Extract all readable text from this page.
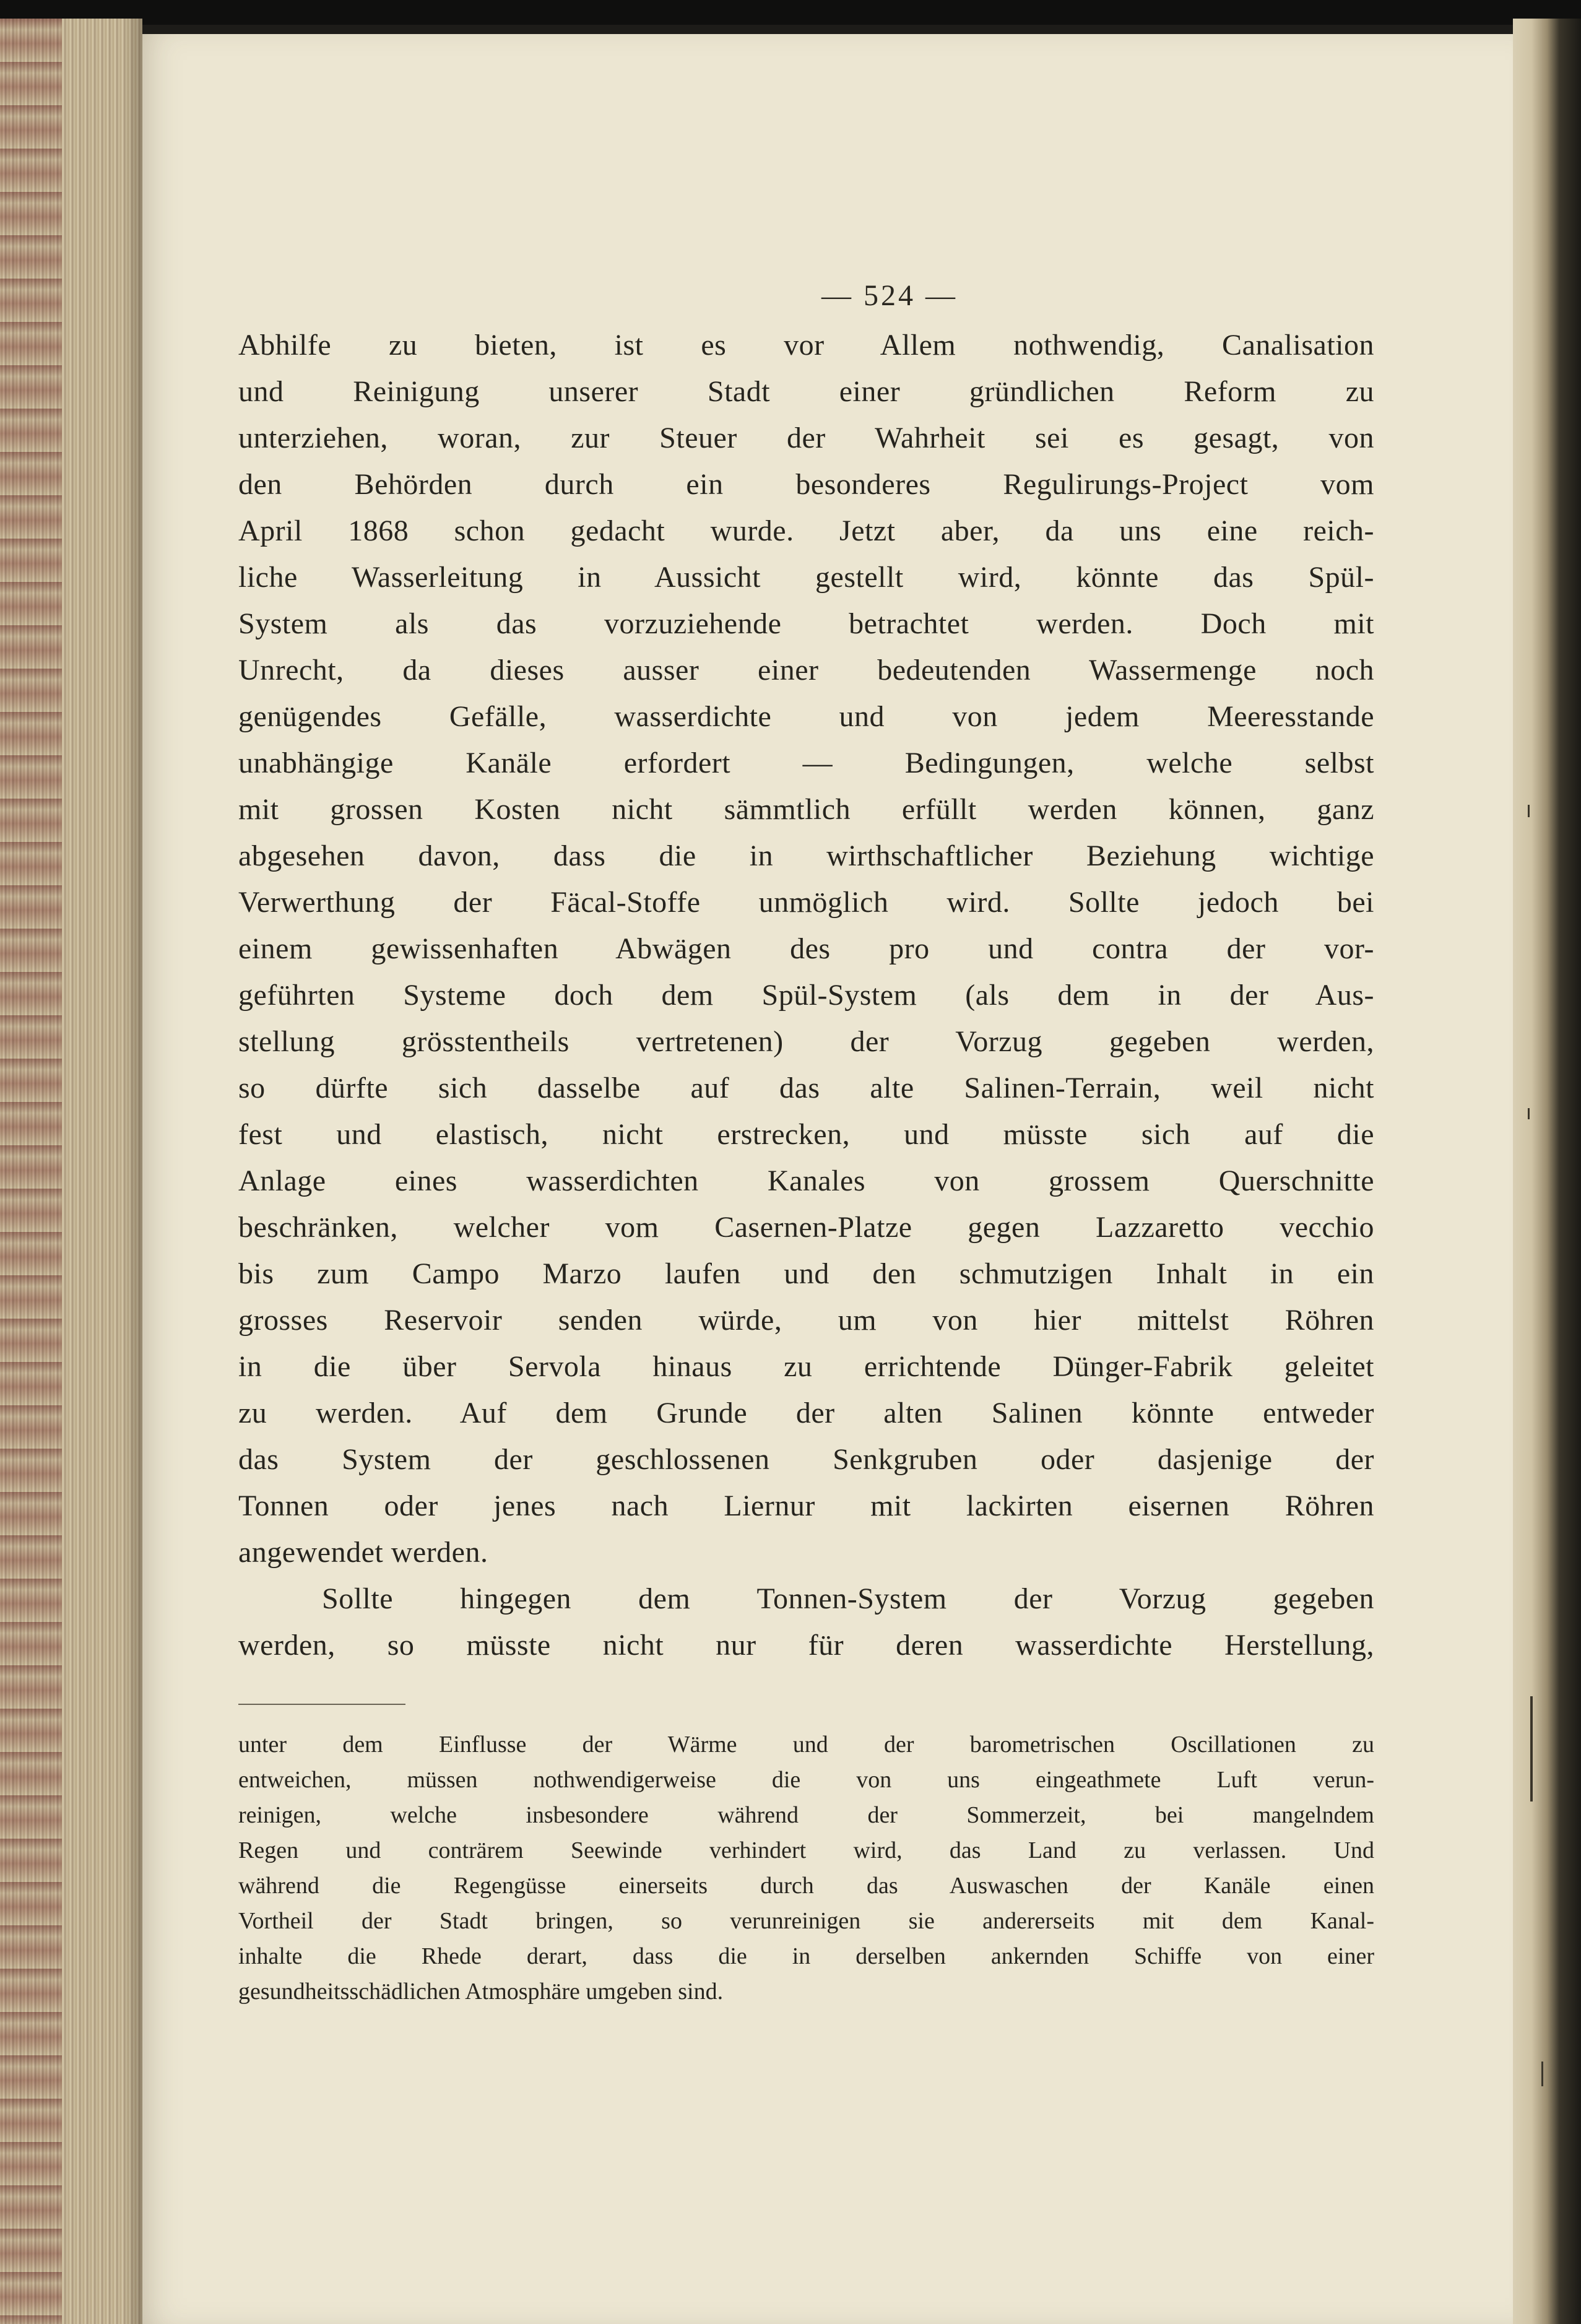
— 524 —
Abhilfe zu bieten, ist es vor Allem nothwendig, Canalisation
und Reinigung unserer Stadt einer gründlichen Reform zu
unterziehen, woran, zur Steuer der Wahrheit sei es gesagt, von
den Behörden durch ein besonderes Regulirungs-Project vom
April 1868 schon gedacht wurde. Jetzt aber, da uns eine reich-
liche Wasserleitung in Aussicht gestellt wird, könnte das Spül-
System als das vorzuziehende betrachtet werden. Doch mit
Unrecht, da dieses ausser einer bedeutenden Wassermenge noch
genügendes Gefälle, wasserdichte und von jedem Meeresstande
unabhängige Kanäle erfordert — Bedingungen, welche selbst
mit grossen Kosten nicht sämmtlich erfüllt werden können, ganz
abgesehen davon, dass die in wirthschaftlicher Beziehung wichtige
Verwerthung der Fäcal-Stoffe unmöglich wird. Sollte jedoch bei
einem gewissenhaften Abwägen des pro und contra der vor-
geführten Systeme doch dem Spül-System (als dem in der Aus-
stellung grösstentheils vertretenen) der Vorzug gegeben werden,
so dürfte sich dasselbe auf das alte Salinen-Terrain, weil nicht
fest und elastisch, nicht erstrecken, und müsste sich auf die
Anlage eines wasserdichten Kanales von grossem Querschnitte
beschränken, welcher vom Casernen-Platze gegen Lazzaretto vecchio
bis zum Campo Marzo laufen und den schmutzigen Inhalt in ein
grosses Reservoir senden würde, um von hier mittelst Röhren
in die über Servola hinaus zu errichtende Dünger-Fabrik geleitet
zu werden. Auf dem Grunde der alten Salinen könnte entweder
das System der geschlossenen Senkgruben oder dasjenige der
Tonnen oder jenes nach Liernur mit lackirten eisernen Röhren
angewendet werden.
Sollte hingegen dem Tonnen-System der Vorzug gegeben
werden, so müsste nicht nur für deren wasserdichte Herstellung,
unter dem Einflusse der Wärme und der barometrischen Oscillationen zu
entweichen, müssen nothwendigerweise die von uns eingeathmete Luft verun-
reinigen, welche insbesondere während der Sommerzeit, bei mangelndem
Regen und conträrem Seewinde verhindert wird, das Land zu verlassen. Und
während die Regengüsse einerseits durch das Auswaschen der Kanäle einen
Vortheil der Stadt bringen, so verunreinigen sie andererseits mit dem Kanal-
inhalte die Rhede derart, dass die in derselben ankernden Schiffe von einer
gesundheitsschädlichen Atmosphäre umgeben sind.
